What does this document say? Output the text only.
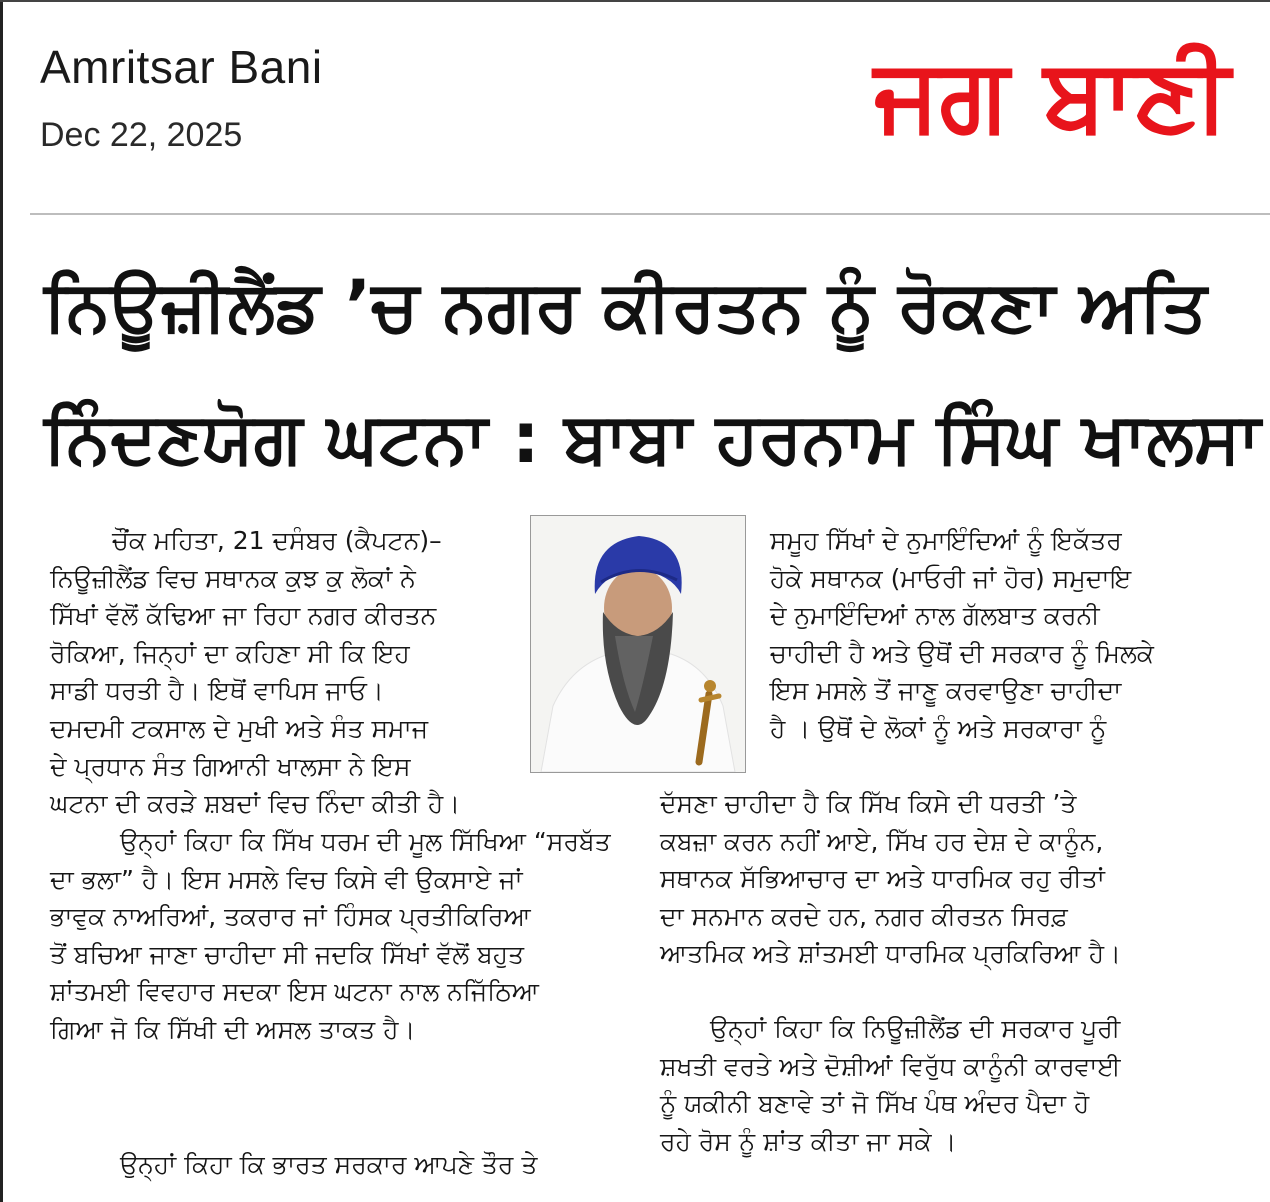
Amritsar Bani
Dec 22, 2025	ਜਗ ਬਾਣੀ
ਨਿਊਜ਼ੀਲੈਂਡ ’ਚ ਨਗਰ ਕੀਰਤਨ ਨੂੰ ਰੋਕਣਾ ਅਤਿ
ਨਿੰਦਣਯੋਗ ਘਟਨਾ : ਬਾਬਾ ਹਰਨਾਮ ਸਿੰਘ ਖਾਲਸਾ
ਚੌਂਕ ਮਹਿਤਾ, 21 ਦਸੰਬਰ (ਕੈਪਟਨ)–
ਨਿਊਜ਼ੀਲੈਂਡ ਵਿਚ ਸਥਾਨਕ ਕੁਝ ਕੁ ਲੋਕਾਂ ਨੇ
ਸਿੱਖਾਂ ਵੱਲੋਂ ਕੱਢਿਆ ਜਾ ਰਿਹਾ ਨਗਰ ਕੀਰਤਨ
ਰੋਕਿਆ, ਜਿਨ੍ਹਾਂ ਦਾ ਕਹਿਣਾ ਸੀ ਕਿ ਇਹ
ਸਾਡੀ ਧਰਤੀ ਹੈ। ਇਥੋਂ ਵਾਪਿਸ ਜਾਓ।
ਦਮਦਮੀ ਟਕਸਾਲ ਦੇ ਮੁਖੀ ਅਤੇ ਸੰਤ ਸਮਾਜ
ਦੇ ਪ੍ਰਧਾਨ ਸੰਤ ਗਿਆਨੀ ਖਾਲਸਾ ਨੇ ਇਸ
ਘਟਨਾ ਦੀ ਕਰੜੇ ਸ਼ਬਦਾਂ ਵਿਚ ਨਿੰਦਾ ਕੀਤੀ ਹੈ।
ਉਨ੍ਹਾਂ ਕਿਹਾ ਕਿ ਸਿੱਖ ਧਰਮ ਦੀ ਮੂਲ ਸਿੱਖਿਆ “ਸਰਬੱਤ
ਦਾ ਭਲਾ” ਹੈ। ਇਸ ਮਸਲੇ ਵਿਚ ਕਿਸੇ ਵੀ ਉਕਸਾਏ ਜਾਂ
ਭਾਵੁਕ ਨਾਅਰਿਆਂ, ਤਕਰਾਰ ਜਾਂ ਹਿੰਸਕ ਪ੍ਰਤੀਕਿਰਿਆ
ਤੋਂ ਬਚਿਆ ਜਾਣਾ ਚਾਹੀਦਾ ਸੀ ਜਦਕਿ ਸਿੱਖਾਂ ਵੱਲੋਂ ਬਹੁਤ
ਸ਼ਾਂਤਮਈ ਵਿਵਹਾਰ ਸਦਕਾ ਇਸ ਘਟਨਾ ਨਾਲ ਨਜਿੱਠਿਆ
ਗਿਆ ਜੋ ਕਿ ਸਿੱਖੀ ਦੀ ਅਸਲ ਤਾਕਤ ਹੈ।
ਉਨ੍ਹਾਂ ਕਿਹਾ ਕਿ ਭਾਰਤ ਸਰਕਾਰ ਆਪਣੇ ਤੌਰ ਤੇ
ਸਮੂਹ ਸਿੱਖਾਂ ਦੇ ਨੁਮਾਇੰਦਿਆਂ ਨੂੰ ਇਕੱਤਰ
ਹੋਕੇ ਸਥਾਨਕ (ਮਾਓਰੀ ਜਾਂ ਹੋਰ) ਸਮੁਦਾਇ
ਦੇ ਨੁਮਾਇੰਦਿਆਂ ਨਾਲ ਗੱਲਬਾਤ ਕਰਨੀ
ਚਾਹੀਦੀ ਹੈ ਅਤੇ ਉਥੋਂ ਦੀ ਸਰਕਾਰ ਨੂੰ ਮਿਲਕੇ
ਇਸ ਮਸਲੇ ਤੋਂ ਜਾਣੂ ਕਰਵਾਉਣਾ ਚਾਹੀਦਾ
ਹੈ । ਉਥੋਂ ਦੇ ਲੋਕਾਂ ਨੂੰ ਅਤੇ ਸਰਕਾਰਾ ਨੂੰ
ਦੱਸਣਾ ਚਾਹੀਦਾ ਹੈ ਕਿ ਸਿੱਖ ਕਿਸੇ ਦੀ ਧਰਤੀ ’ਤੇ
ਕਬਜ਼ਾ ਕਰਨ ਨਹੀਂ ਆਏ, ਸਿੱਖ ਹਰ ਦੇਸ਼ ਦੇ ਕਾਨੂੰਨ,
ਸਥਾਨਕ ਸੱਭਿਆਚਾਰ ਦਾ ਅਤੇ ਧਾਰਮਿਕ ਰਹੁ ਰੀਤਾਂ
ਦਾ ਸਨਮਾਨ ਕਰਦੇ ਹਨ, ਨਗਰ ਕੀਰਤਨ ਸਿਰਫ਼
ਆਤਮਿਕ ਅਤੇ ਸ਼ਾਂਤਮਈ ਧਾਰਮਿਕ ਪ੍ਰਕਿਰਿਆ ਹੈ।
ਉਨ੍ਹਾਂ ਕਿਹਾ ਕਿ ਨਿਊਜ਼ੀਲੈਂਡ ਦੀ ਸਰਕਾਰ ਪੂਰੀ
ਸ਼ਖਤੀ ਵਰਤੇ ਅਤੇ ਦੋਸ਼ੀਆਂ ਵਿਰੁੱਧ ਕਾਨੂੰਨੀ ਕਾਰਵਾਈ
ਨੂੰ ਯਕੀਨੀ ਬਣਾਵੇ ਤਾਂ ਜੋ ਸਿੱਖ ਪੰਥ ਅੰਦਰ ਪੈਦਾ ਹੋ
ਰਹੇ ਰੋਸ ਨੂੰ ਸ਼ਾਂਤ ਕੀਤਾ ਜਾ ਸਕੇ ।
